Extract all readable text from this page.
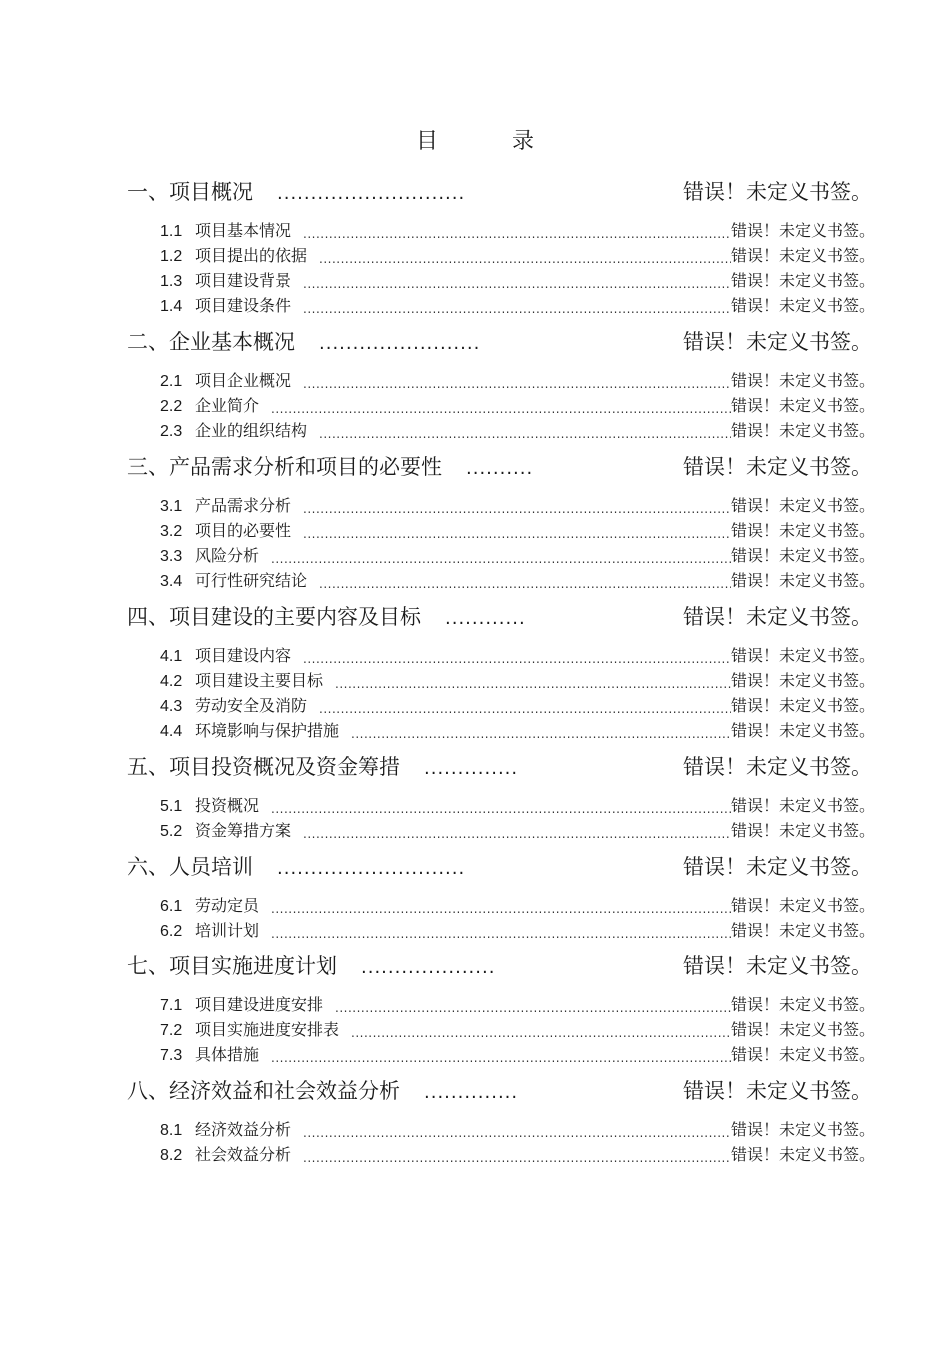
目　录
一、项目概况 ............................	错误！未定义书签。
1.1 项目基本情况 .....	错误！未定义书签。
1.2 项目提出的依据 .....	错误！未定义书签。
1.3 项目建设背景 .....	错误！未定义书签。
1.4 项目建设条件 .....	错误！未定义书签。
二、企业基本概况 ........................	错误！未定义书签。
2.1 项目企业概况 .....	错误！未定义书签。
2.2 企业简介 .....	错误！未定义书签。
2.3 企业的组织结构 .....	错误！未定义书签。
三、产品需求分析和项目的必要性 ..........	错误！未定义书签。
3.1 产品需求分析 .....	错误！未定义书签。
3.2 项目的必要性 .....	错误！未定义书签。
3.3 风险分析 .....	错误！未定义书签。
3.4 可行性研究结论 .....	错误！未定义书签。
四、项目建设的主要内容及目标 ............	错误！未定义书签。
4.1 项目建设内容 .....	错误！未定义书签。
4.2 项目建设主要目标 .....	错误！未定义书签。
4.3 劳动安全及消防 .....	错误！未定义书签。
4.4 环境影响与保护措施 .....	错误！未定义书签。
五、项目投资概况及资金筹措 ..............	错误！未定义书签。
5.1 投资概况 .....	错误！未定义书签。
5.2 资金筹措方案 .....	错误！未定义书签。
六、人员培训 ............................	错误！未定义书签。
6.1 劳动定员 .....	错误！未定义书签。
6.2 培训计划 .....	错误！未定义书签。
七、项目实施进度计划 ....................	错误！未定义书签。
7.1 项目建设进度安排 .....	错误！未定义书签。
7.2 项目实施进度安排表 .....	错误！未定义书签。
7.3 具体措施 .....	错误！未定义书签。
八、经济效益和社会效益分析 ..............	错误！未定义书签。
8.1 经济效益分析 .....	错误！未定义书签。
8.2 社会效益分析 .....	错误！未定义书签。
